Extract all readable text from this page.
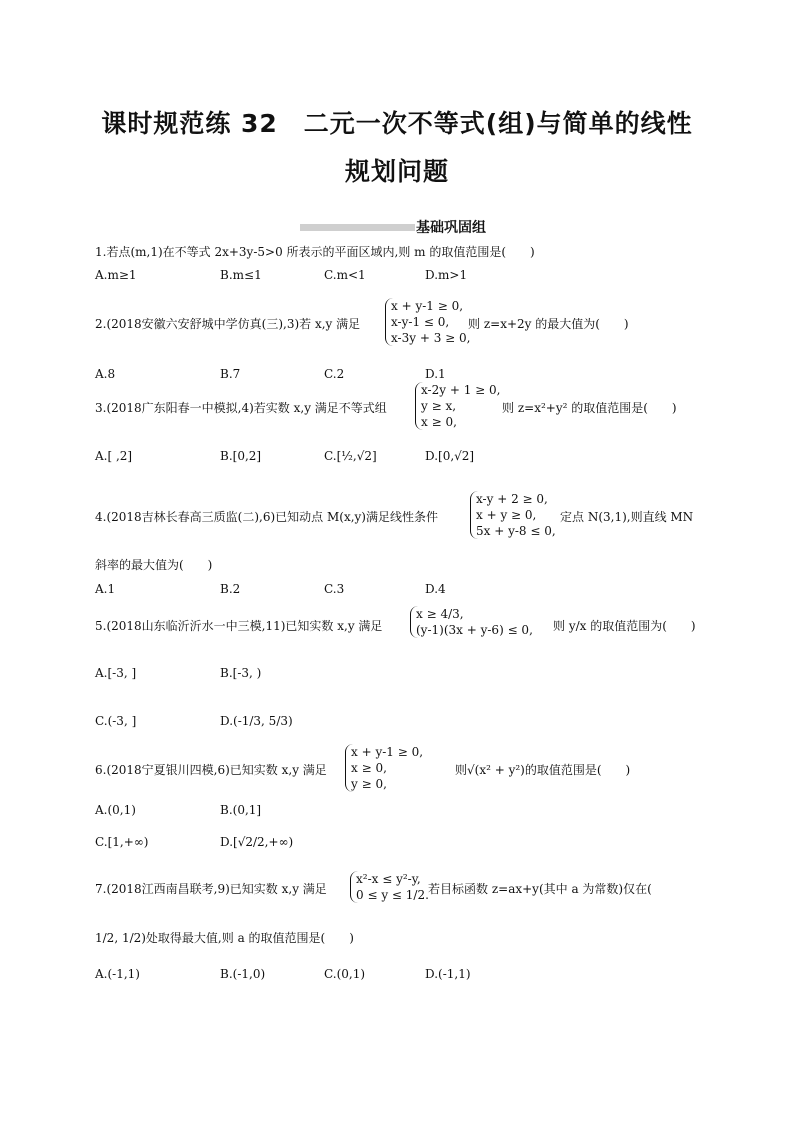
课时规范练 32　二元一次不等式(组)与简单的线性
规划问题
基础巩固组
1.若点(m,1)在不等式 2x+3y-5>0 所表示的平面区域内,则 m 的取值范围是(　　)
A.m≥1	B.m≤1	C.m<1	D.m>1
2.(2018安徽六安舒城中学仿真(三),3)若 x,y 满足
x + y-1 ≥ 0,
x-y-1 ≤ 0,
x-3y + 3 ≥ 0,
则 z=x+2y 的最大值为(　　)
A.8	B.7	C.2	D.1
3.(2018广东阳春一中模拟,4)若实数 x,y 满足不等式组
x-2y + 1 ≥ 0,
y ≥ x,
x ≥ 0,
则 z=x²+y² 的取值范围是(　　)
A.[ ,2]	B.[0,2]	C.[½,√2]	D.[0,√2]
4.(2018吉林长春高三质监(二),6)已知动点 M(x,y)满足线性条件
x-y + 2 ≥ 0,
x + y ≥ 0,
5x + y-8 ≤ 0,
定点 N(3,1),则直线 MN
斜率的最大值为(　　)
A.1	B.2	C.3	D.4
5.(2018山东临沂沂水一中三模,11)已知实数 x,y 满足
x ≥ 4/3,
(y-1)(3x + y-6) ≤ 0, 则 y/x 的取值范围为(　　)
A.[-3, ]	B.[-3, )
C.(-3, ]	D.(-1/3, 5/3)
6.(2018宁夏银川四模,6)已知实数 x,y 满足
x + y-1 ≥ 0,
x ≥ 0,
y ≥ 0,
则√(x² + y²)的取值范围是(　　)
A.(0,1)	B.(0,1]
C.[1,+∞)	D.[√2/2,+∞)
7.(2018江西南昌联考,9)已知实数 x,y 满足
x²-x ≤ y²-y,
0 ≤ y ≤ 1/2. 若目标函数 z=ax+y(其中 a 为常数)仅在(
1/2, 1/2)处取得最大值,则 a 的取值范围是(　　)
A.(-1,1)	B.(-1,0)	C.(0,1)	D.(-1,1)
